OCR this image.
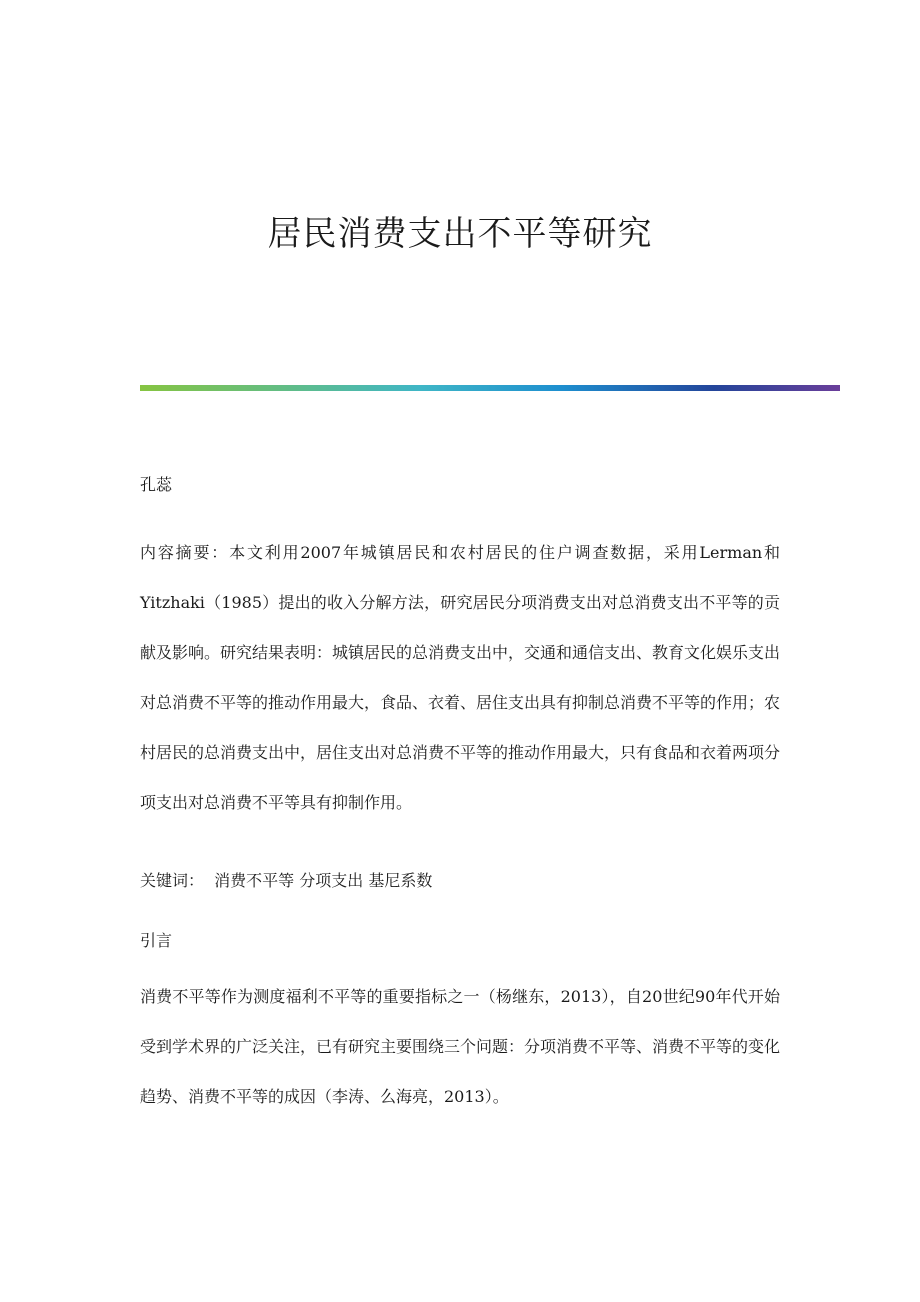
居民消费支出不平等研究
孔蕊
内容摘要：本文利用2007年城镇居民和农村居民的住户调查数据，采用Lerman和Yitzhaki（1985）提出的收入分解方法，研究居民分项消费支出对总消费支出不平等的贡献及影响。研究结果表明：城镇居民的总消费支出中，交通和通信支出、教育文化娱乐支出对总消费不平等的推动作用最大，食品、衣着、居住支出具有抑制总消费不平等的作用；农村居民的总消费支出中，居住支出对总消费不平等的推动作用最大，只有食品和衣着两项分项支出对总消费不平等具有抑制作用。
关键词：  消费不平等 分项支出 基尼系数
引言
消费不平等作为测度福利不平等的重要指标之一（杨继东，2013），自20世纪90年代开始受到学术界的广泛关注，已有研究主要围绕三个问题：分项消费不平等、消费不平等的变化趋势、消费不平等的成因（李涛、么海亮，2013）。
